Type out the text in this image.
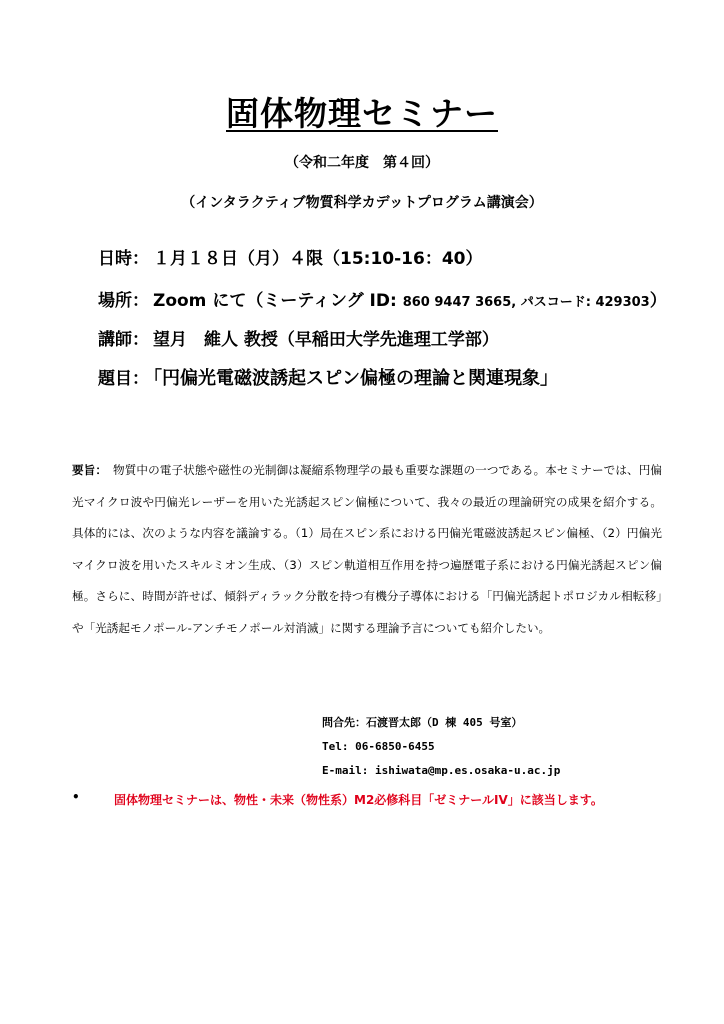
固体物理セミナー
（令和二年度　第４回）
（インタラクティブ物質科学カデットプログラム講演会）
日時： １月１８日（月）４限（15:10-16：40）
場所： Zoom にて（ミーティング ID: 860 9447 3665, パスコード: 429303）
講師： 望月　維人 教授（早稲田大学先進理工学部）
題目： 「円偏光電磁波誘起スピン偏極の理論と関連現象」
要旨： 物質中の電子状態や磁性の光制御は凝縮系物理学の最も重要な課題の一つである。本セミナーでは、円偏光マイクロ波や円偏光レーザーを用いた光誘起スピン偏極について、我々の最近の理論研究の成果を紹介する。具体的には、次のような内容を議論する。（1）局在スピン系における円偏光電磁波誘起スピン偏極、（2）円偏光マイクロ波を用いたスキルミオン生成、（3）スピン軌道相互作用を持つ遍歴電子系における円偏光誘起スピン偏極。さらに、時間が許せば、傾斜ディラック分散を持つ有機分子導体における「円偏光誘起トポロジカル相転移」や「光誘起モノポール-アンチモノポール対消滅」に関する理論予言についても紹介したい。
問合先：石渡晋太郎（D 棟 405 号室）
Tel: 06-6850-6455
E-mail: ishiwata@mp.es.osaka-u.ac.jp
•	固体物理セミナーは、物性・未来（物性系）M2必修科目「ゼミナールIV」に該当します。
